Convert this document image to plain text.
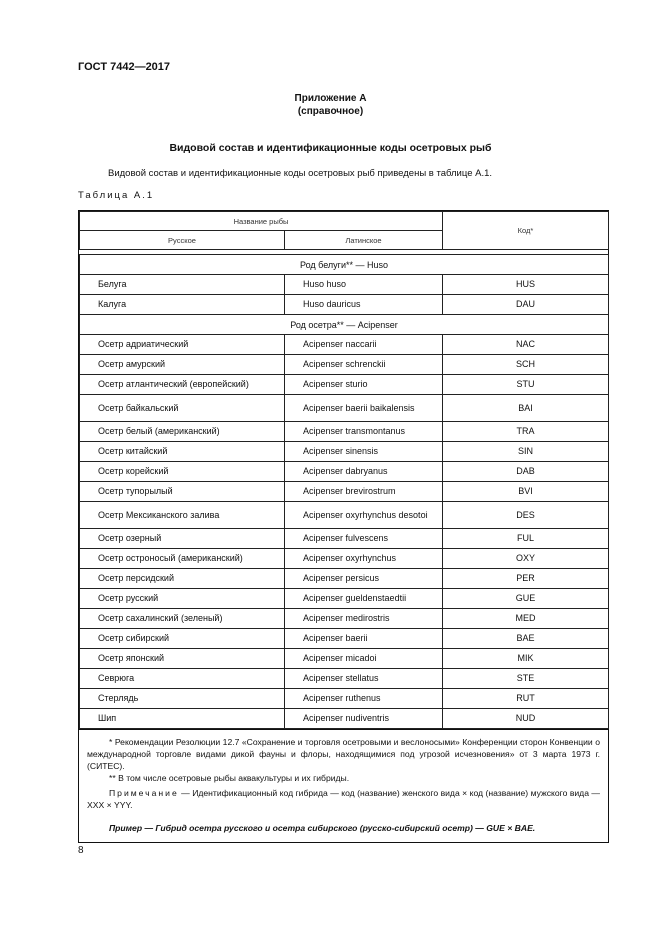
ГОСТ 7442—2017
Приложение А
(справочное)
Видовой состав и идентификационные коды осетровых рыб
Видовой состав и идентификационные коды осетровых рыб приведены в таблице А.1.
Таблица А.1
Название рыбы		Код*
Русское	Латинское	

Род белуги** — Huso		
Белуга	Huso huso	HUS
Калуга	Huso dauricus	DAU
Род осетра** — Acipenser		
Осетр адриатический	Acipenser naccarii	NAC
Осетр амурский	Acipenser schrenckii	SCH
Осетр атлантический (европейский)	Acipenser sturio	STU
Осетр байкальский	Acipenser baerii baikalensis	BAI
Осетр белый (американский)	Acipenser transmontanus	TRA
Осетр китайский	Acipenser sinensis	SIN
Осетр корейский	Acipenser dabryanus	DAB
Осетр тупорылый	Acipenser brevirostrum	BVI
Осетр Мексиканского залива	Acipenser oxyrhynchus desotoi	DES
Осетр озерный	Acipenser fulvescens	FUL
Осетр остроносый (американский)	Acipenser oxyrhynchus	OXY
Осетр персидский	Acipenser persicus	PER
Осетр русский	Acipenser gueldenstaedtii	GUE
Осетр сахалинский (зеленый)	Acipenser medirostris	MED
Осетр сибирский	Acipenser baerii	BAE
Осетр японский	Acipenser micadoi	MIK
Севрюга	Acipenser stellatus	STE
Стерлядь	Acipenser ruthenus	RUT
Шип	Acipenser nudiventris	NUD

* Рекомендации Резолюции 12.7 «Сохранение и торговля осетровыми и веслоносыми» Конференции сторон Конвенции о международной торговле видами дикой фауны и флоры, находящимися под угрозой исчезновения» от 3 марта 1973 г. (СИТЕС).

** В том числе осетровые рыбы аквакультуры и их гибриды.

Примечание — Идентификационный код гибрида — код (название) женского вида × код (название) мужского вида — ХХХ × YYY.

Пример — Гибрид осетра русского и осетра сибирского (русско-сибирский осетр) — GUE × BAE.

8
